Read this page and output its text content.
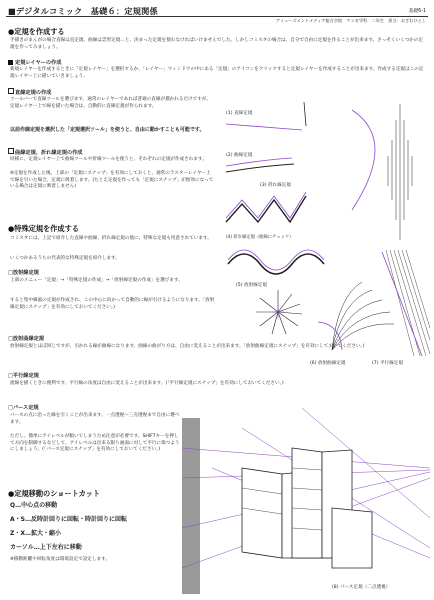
■デジタルコミック　基礎６：定規関係	基礎6-1
アミューズメントメディア総合学院　マンガ学科　二年生　担当：おざわひとし
●定規を作成する
手描きのまんがの場合直線は直定規、曲線は雲形定規…と、決まった定規を使わなければいけませんでした。しかしコミスタの場合は、自分で自由に定規を作ることが出来ます。さっそくいくつかの定規を作ってみましょう。
定規レイヤーの作成
新規レイヤーを作成するときに「定規レイヤー」を選択するか、「レイヤー」ウィンドウの中にある「定規」のアイコンをクリックすると定規レイヤーを作成することが出来ます。作成する定規はこの定規レイヤー上に描いていきましょう。
直線定規の作成
ツールバーで直線ツールを選びます。通常のレイヤーであれば普通の直線が描かれるだけですが、定規レイヤー上で線を描いた場合は、自動的に直線定規が作られます。
以前作線定規を選択した「定規選択ツール」を使うと、自由に動かすことも可能です。
曲線定規、折れ線定規の作成
同様に、定規レイヤー上で曲線ツールや折線ツールを使うと、それぞれの定規が作成されます。
※定規を作成した後、上部の「定規にスナップ」を有効にしておくと、通常のラスターレイヤー上で線を引いた場合、定規に吸着します。(たとえ定規を作っても「定規にスナップ」が無効になっている場合は定規に吸着しません)
●特殊定規を作成する
コミスタには、上記で紹介した直線や曲線、折れ線定規の他に、特殊な定規も用意されています。
いくつかあるうちの代表的な特殊定規を紹介します。
□放射線定規
上部のメニュー「定規」→「特殊定規の作成」→「放射線定規の作成」を選びます。
すると集中線風の定規が作成され、この中心に向かって自動的に線が引けるようになります。「放射線定規にスナップ」を有効にしておいてください。)
□放射曲線定規
放射線定規とほぼ同じですが、引かれる線が曲線になります。曲線の曲がり方は、自由に変えることが出来ます。「放射曲線定規にスナップ」を有効にしておいてください。)
□平行線定規
流線を描くときに便利です。平行線の角度は自由に変えることが出来ます。(「平行線定規にスナップ」を有効にしておいてください。)
□パース定規
パースの点に沿った線を引くことが出来ます。一点透視〜三点透視まで自由に選べます。
ただし、簡単にアイレベルが傾いてしまうため注意が必要です。SHIFTキーを押して方向を制御するなどして、アイレベルは出来る限り画面に対して平行に保つようにしましょう。(「パース定規にスナップ」を有効にしておいてください。)
●定規移動のショートカット
Q…中心点の移動
A・S…反時計回りに回転・時計回りに回転
Z・X…拡大・縮小
カーソル…上下左右に移動
※移動距離や回転角度は環境設定で設定します。
(1) 直線定規
(2) 曲線定規
(3) 折れ線定規
(4) 折れ線定規（曲線にチェック）
(5) 放射線定規
(6) 放射曲線定規	(7) 平行線定規
(8) パース定規（二点透視）
